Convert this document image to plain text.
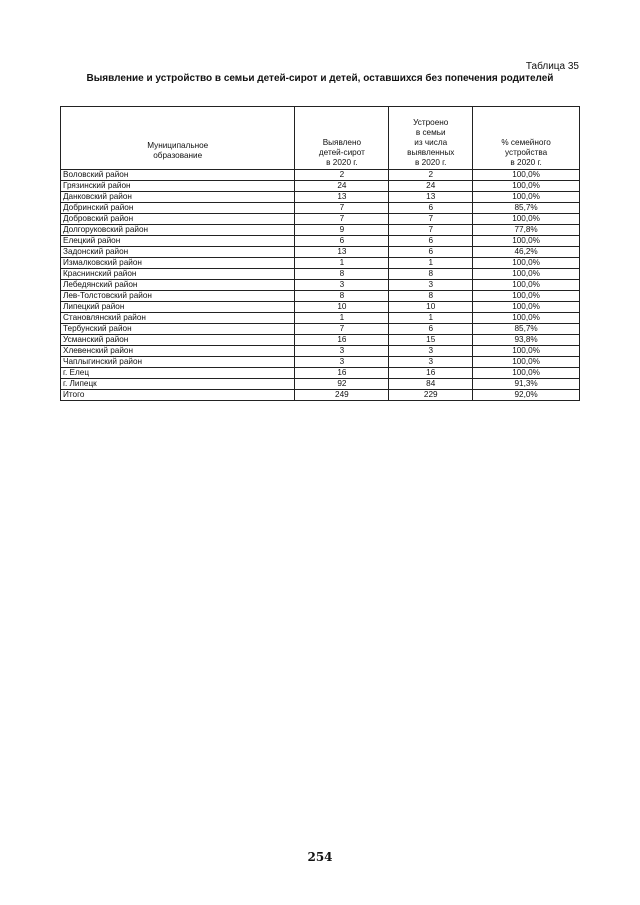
Таблица 35
Выявление и устройство в семьи детей-сирот и детей, оставшихся без попечения родителей
Муниципальное
образование	Выявлено
детей-сирот
в 2020 г.	Устроено
в семьи
из числа
выявленных
в 2020 г.	% семейного
устройства
в 2020 г.
Воловский район	2	2	100,0%
Грязинский район	24	24	100,0%
Данковский район	13	13	100,0%
Добринский район	7	6	85,7%
Добровский район	7	7	100,0%
Долгоруковский район	9	7	77,8%
Елецкий район	6	6	100,0%
Задонский район	13	6	46,2%
Измалковский район	1	1	100,0%
Краснинский район	8	8	100,0%
Лебедянский район	3	3	100,0%
Лев-Толстовский район	8	8	100,0%
Липецкий район	10	10	100,0%
Становлянский район	1	1	100,0%
Тербунский район	7	6	85,7%
Усманский район	16	15	93,8%
Хлевенский район	3	3	100,0%
Чаплыгинский район	3	3	100,0%
г. Елец	16	16	100,0%
г. Липецк	92	84	91,3%
Итого	249	229	92,0%
254
